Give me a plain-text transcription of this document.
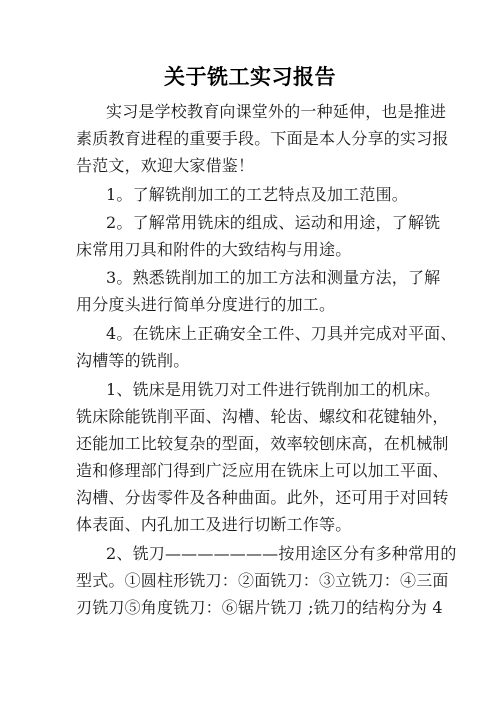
关于铣工实习报告
实习是学校教育向课堂外的一种延伸，也是推进
素质教育进程的重要手段。下面是本人分享的实习报
告范文，欢迎大家借鉴！
1。了解铣削加工的工艺特点及加工范围。
2。了解常用铣床的组成、运动和用途，了解铣
床常用刀具和附件的大致结构与用途。
3。熟悉铣削加工的加工方法和测量方法，了解
用分度头进行简单分度进行的加工。
4。在铣床上正确安全工件、刀具并完成对平面、
沟槽等的铣削。
1、铣床是用铣刀对工件进行铣削加工的机床。
铣床除能铣削平面、沟槽、轮齿、螺纹和花键轴外，
还能加工比较复杂的型面，效率较刨床高，在机械制
造和修理部门得到广泛应用在铣床上可以加工平面、
沟槽、分齿零件及各种曲面。此外，还可用于对回转
体表面、内孔加工及进行切断工作等。
2、铣刀———————按用途区分有多种常用的
型式。①圆柱形铣刀：②面铣刀：③立铣刀：④三面
刃铣刀⑤角度铣刀：⑥锯片铣刀 ;铣刀的结构分为 4
